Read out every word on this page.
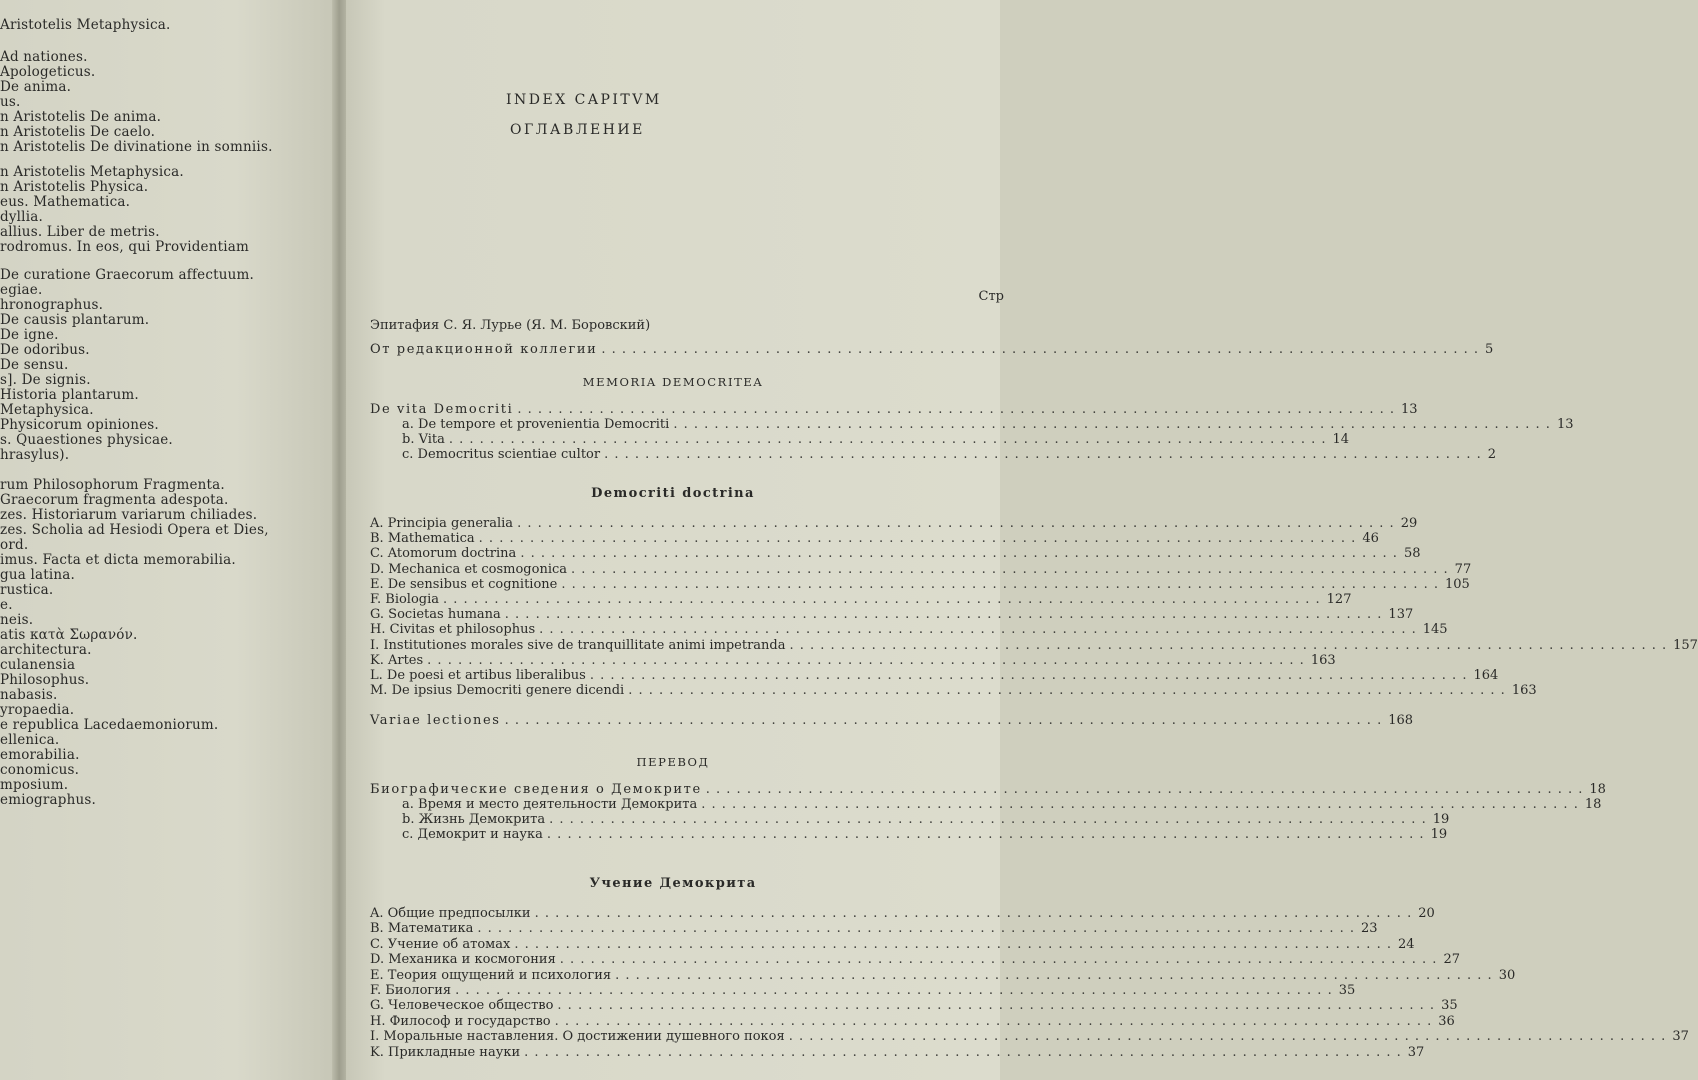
Aristotelis Metaphysica.
Ad nationes.
Apologeticus.
De anima.
us.
n Aristotelis De anima.
n Aristotelis De caelo.
n Aristotelis De divinatione in somniis.
n Aristotelis Metaphysica.
n Aristotelis Physica.
eus. Mathematica.
dyllia.
allius. Liber de metris.
rodromus. In eos, qui Providentiam
De curatione Graecorum affectuum.
egiae.
hronographus.
De causis plantarum.
De igne.
De odoribus.
De sensu.
s]. De signis.
Historia plantarum.
Metaphysica.
Physicorum opiniones.
s. Quaestiones physicae.
hrasylus).
rum Philosophorum Fragmenta.
Graecorum fragmenta adespota.
zes. Historiarum variarum chiliades.
zes. Scholia ad Hesiodi Opera et Dies,
ord.
imus. Facta et dicta memorabilia.
gua latina.
rustica.
e.
neis.
atis κατὰ Σωρανόν.
architectura.
culanensia
Philosophus.
nabasis.
yropaedia.
e republica Lacedaemoniorum.
ellenica.
emorabilia.
conomicus.
mposium.
emiographus.
INDEX CAPITVM
ОГЛАВЛЕНИЕ
Стр
Эпитафия С. Я. Лурье (Я. М. Боровский)
От редакционной коллегии . . .	5
MEMORIA DEMOCRITEA
De vita Democriti . . .	13
a. De tempore et provenientia Democriti . . .	13
b. Vita . . .	14
c. Democritus scientiae cultor . . .	2
Democriti doctrina
A. Principia generalia . . .	29
B. Mathematica . . .	46
C. Atomorum doctrina . . .	58
D. Mechanica et cosmogonica . . .	77
E. De sensibus et cognitione . . .	105
F. Biologia . . .	127
G. Societas humana . . .	137
H. Civitas et philosophus . . .	145
I. Institutiones morales sive de tranquillitate animi impetranda . . .	157
K. Artes . . .	163
L. De poesi et artibus liberalibus . . .	164
M. De ipsius Democriti genere dicendi . . .	163
Variae lectiones . . .	168
ПЕРЕВОД
Биографические сведения о Демокрите . . .	18
a. Время и место деятельности Демокрита . . .	18
b. Жизнь Демокрита . . .	19
c. Демокрит и наука . . .	19
Учение Демокрита
A. Общие предпосылки . . .	20
B. Математика . . .	23
C. Учение об атомах . . .	24
D. Механика и космогония . . .	27
E. Теория ощущений и психология . . .	30
F. Биология . . .	35
G. Человеческое общество . . .	35
H. Философ и государство . . .	36
I. Моральные наставления. О достижении душевного покоя . . .	37
K. Прикладные науки . . .	37
